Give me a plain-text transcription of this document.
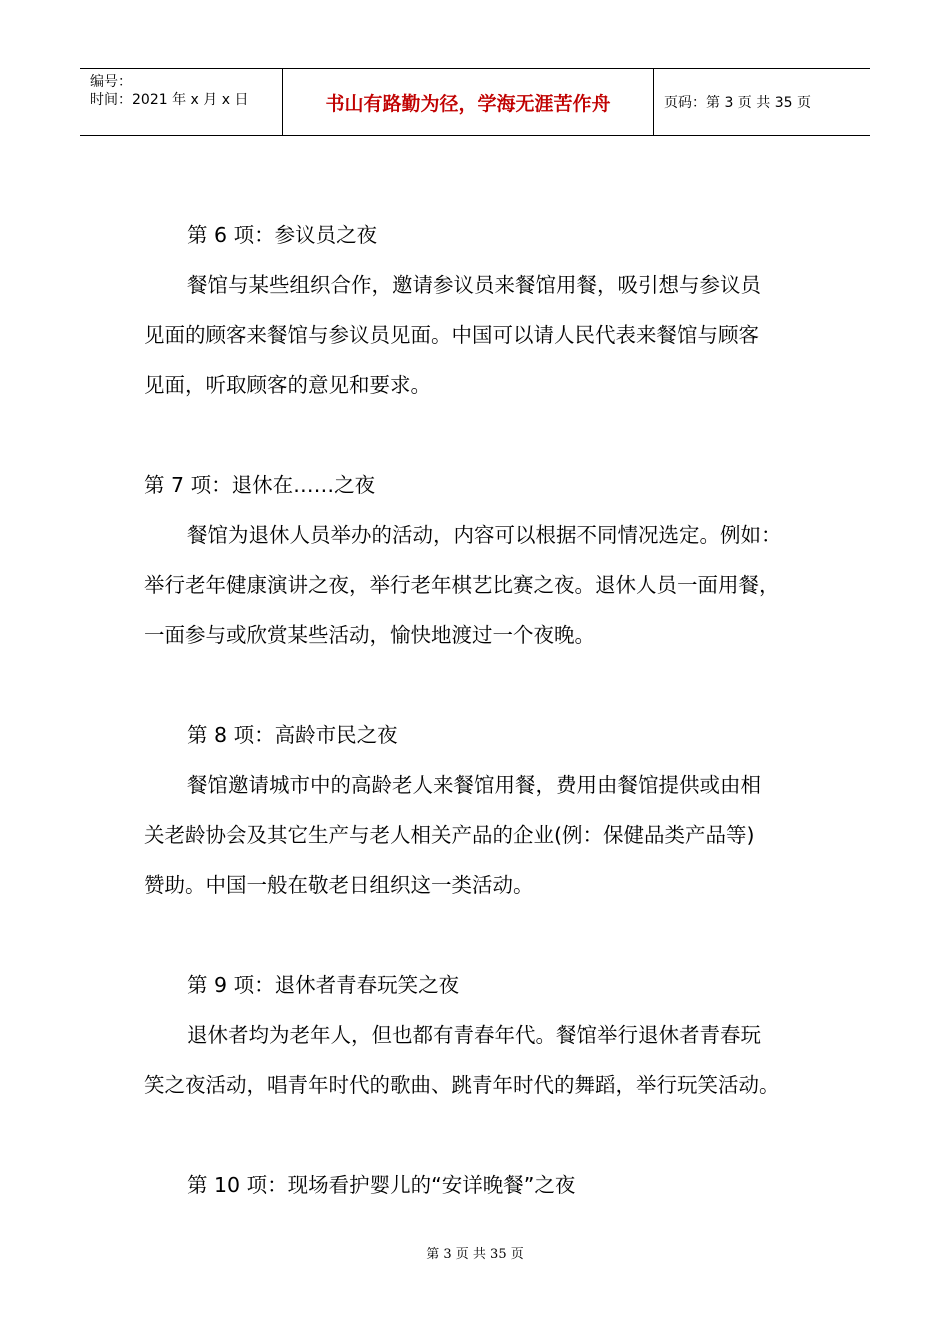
编号：
时间：2021 年 x 月 x 日	书山有路勤为径，学海无涯苦作舟	页码：第 3 页 共 35 页

第 6 项：参议员之夜

餐馆与某些组织合作，邀请参议员来餐馆用餐，吸引想与参议员

见面的顾客来餐馆与参议员见面。中国可以请人民代表来餐馆与顾客

见面，听取顾客的意见和要求。

第 7 项：退休在……之夜

餐馆为退休人员举办的活动，内容可以根据不同情况选定。例如：

举行老年健康演讲之夜，举行老年棋艺比赛之夜。退休人员一面用餐，

一面参与或欣赏某些活动，愉快地渡过一个夜晚。

第 8 项：高龄市民之夜

餐馆邀请城市中的高龄老人来餐馆用餐，费用由餐馆提供或由相

关老龄协会及其它生产与老人相关产品的企业(例：保健品类产品等)

赞助。中国一般在敬老日组织这一类活动。

第 9 项：退休者青春玩笑之夜

退休者均为老年人，但也都有青春年代。餐馆举行退休者青春玩

笑之夜活动，唱青年时代的歌曲、跳青年时代的舞蹈，举行玩笑活动。

第 10 项：现场看护婴儿的“安详晚餐”之夜

第 3 页 共 35 页
